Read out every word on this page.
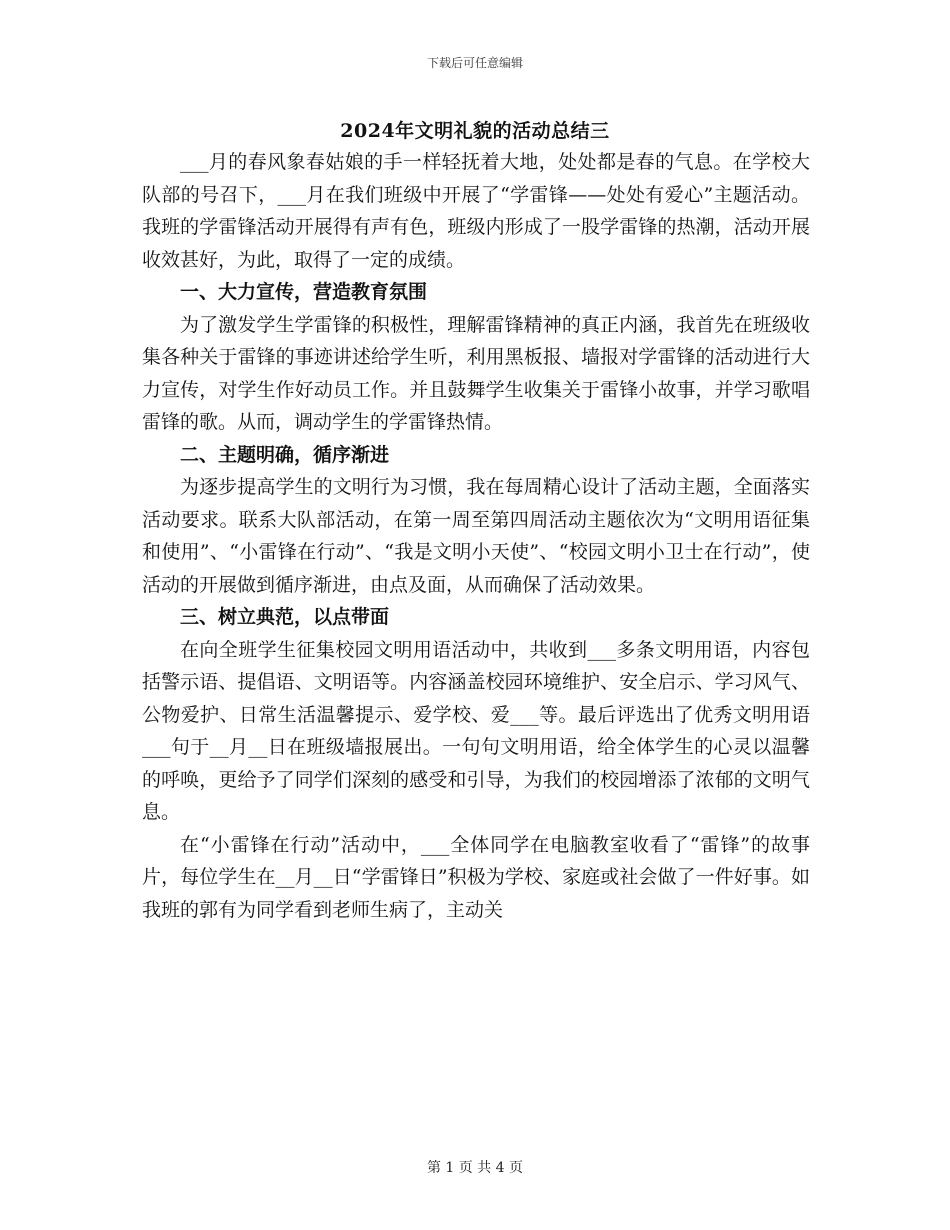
下载后可任意编辑
2024年文明礼貌的活动总结三

___月的春风象春姑娘的手一样轻抚着大地，处处都是春的气息。在学校大队部的号召下，___月在我们班级中开展了“学雷锋——处处有爱心”主题活动。我班的学雷锋活动开展得有声有色，班级内形成了一股学雷锋的热潮，活动开展收效甚好，为此，取得了一定的成绩。

一、大力宣传，营造教育氛围

为了激发学生学雷锋的积极性，理解雷锋精神的真正内涵，我首先在班级收集各种关于雷锋的事迹讲述给学生听，利用黑板报、墙报对学雷锋的活动进行大力宣传，对学生作好动员工作。并且鼓舞学生收集关于雷锋小故事，并学习歌唱雷锋的歌。从而，调动学生的学雷锋热情。

二、主题明确，循序渐进

为逐步提高学生的文明行为习惯，我在每周精心设计了活动主题，全面落实活动要求。联系大队部活动，在第一周至第四周活动主题依次为“文明用语征集和使用”、“小雷锋在行动”、“我是文明小天使”、“校园文明小卫士在行动”，使活动的开展做到循序渐进，由点及面，从而确保了活动效果。

三、树立典范，以点带面

在向全班学生征集校园文明用语活动中，共收到___多条文明用语，内容包括警示语、提倡语、文明语等。内容涵盖校园环境维护、安全启示、学习风气、公物爱护、日常生活温馨提示、爱学校、爱___等。最后评选出了优秀文明用语___句于__月__日在班级墙报展出。一句句文明用语，给全体学生的心灵以温馨的呼唤，更给予了同学们深刻的感受和引导，为我们的校园增添了浓郁的文明气息。

在“小雷锋在行动”活动中，___全体同学在电脑教室收看了“雷锋”的故事片，每位学生在__月__日“学雷锋日”积极为学校、家庭或社会做了一件好事。如我班的郭有为同学看到老师生病了，主动关

第 1 页 共 4 页
